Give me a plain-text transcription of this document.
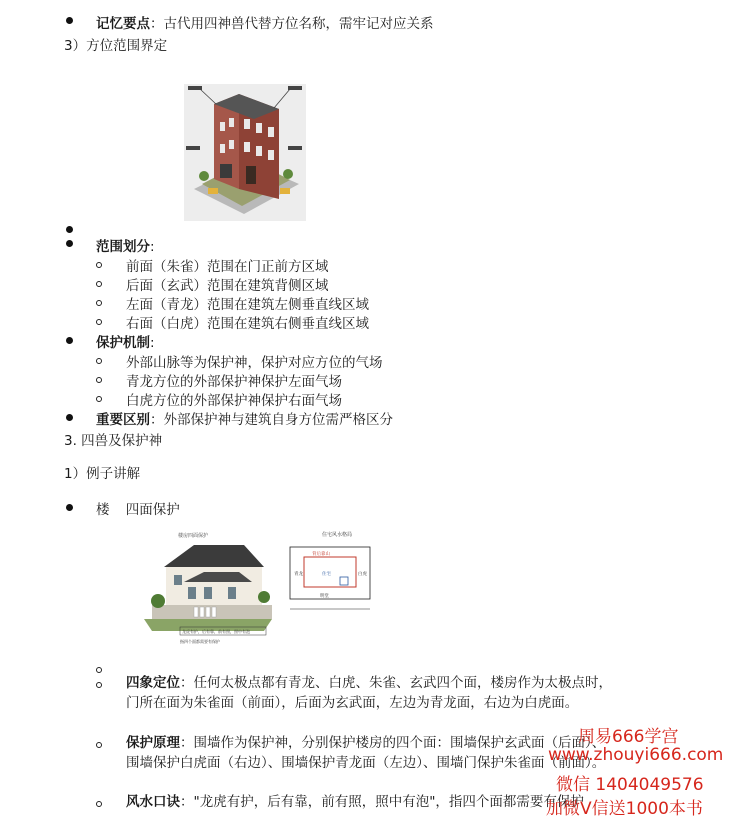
记忆要点：古代用四神兽代替方位名称，需牢记对应关系
3）方位范围界定
范围划分:
前面（朱雀）范围在门正前方区域
后面（玄武）范围在建筑背侧区域
左面（青龙）范围在建筑左侧垂直线区域
右面（白虎）范围在建筑右侧垂直线区域
保护机制:
外部山脉等为保护神，保护对应方位的气场
青龙方位的外部保护神保护左面气场
白虎方位的外部保护神保护右面气场
重要区别：外部保护神与建筑自身方位需严格区分
3. 四兽及保护神
1）例子讲解
楼 四面保护
楼房四面保护	住宅风水格局
背后靠山
青龙	白虎
明堂
住宅
龙虎有护，后有靠，前有照，照中有泡
指四个面都需要有保护
四象定位：任何太极点都有青龙、白虎、朱雀、玄武四个面，楼房作为太极点时，门所在面为朱雀面（前面），后面为玄武面，左边为青龙面，右边为白虎面。
保护原理：围墙作为保护神，分别保护楼房的四个面：围墙保护玄武面（后面）、围墙保护白虎面（右边）、围墙保护青龙面（左边）、围墙门保护朱雀面（前面）。
风水口诀："龙虎有护，后有靠，前有照，照中有泡"，指四个面都需要有保护
周易666学宫
www.zhouyi666.com
微信 1404049576
加微V信送1000本书
